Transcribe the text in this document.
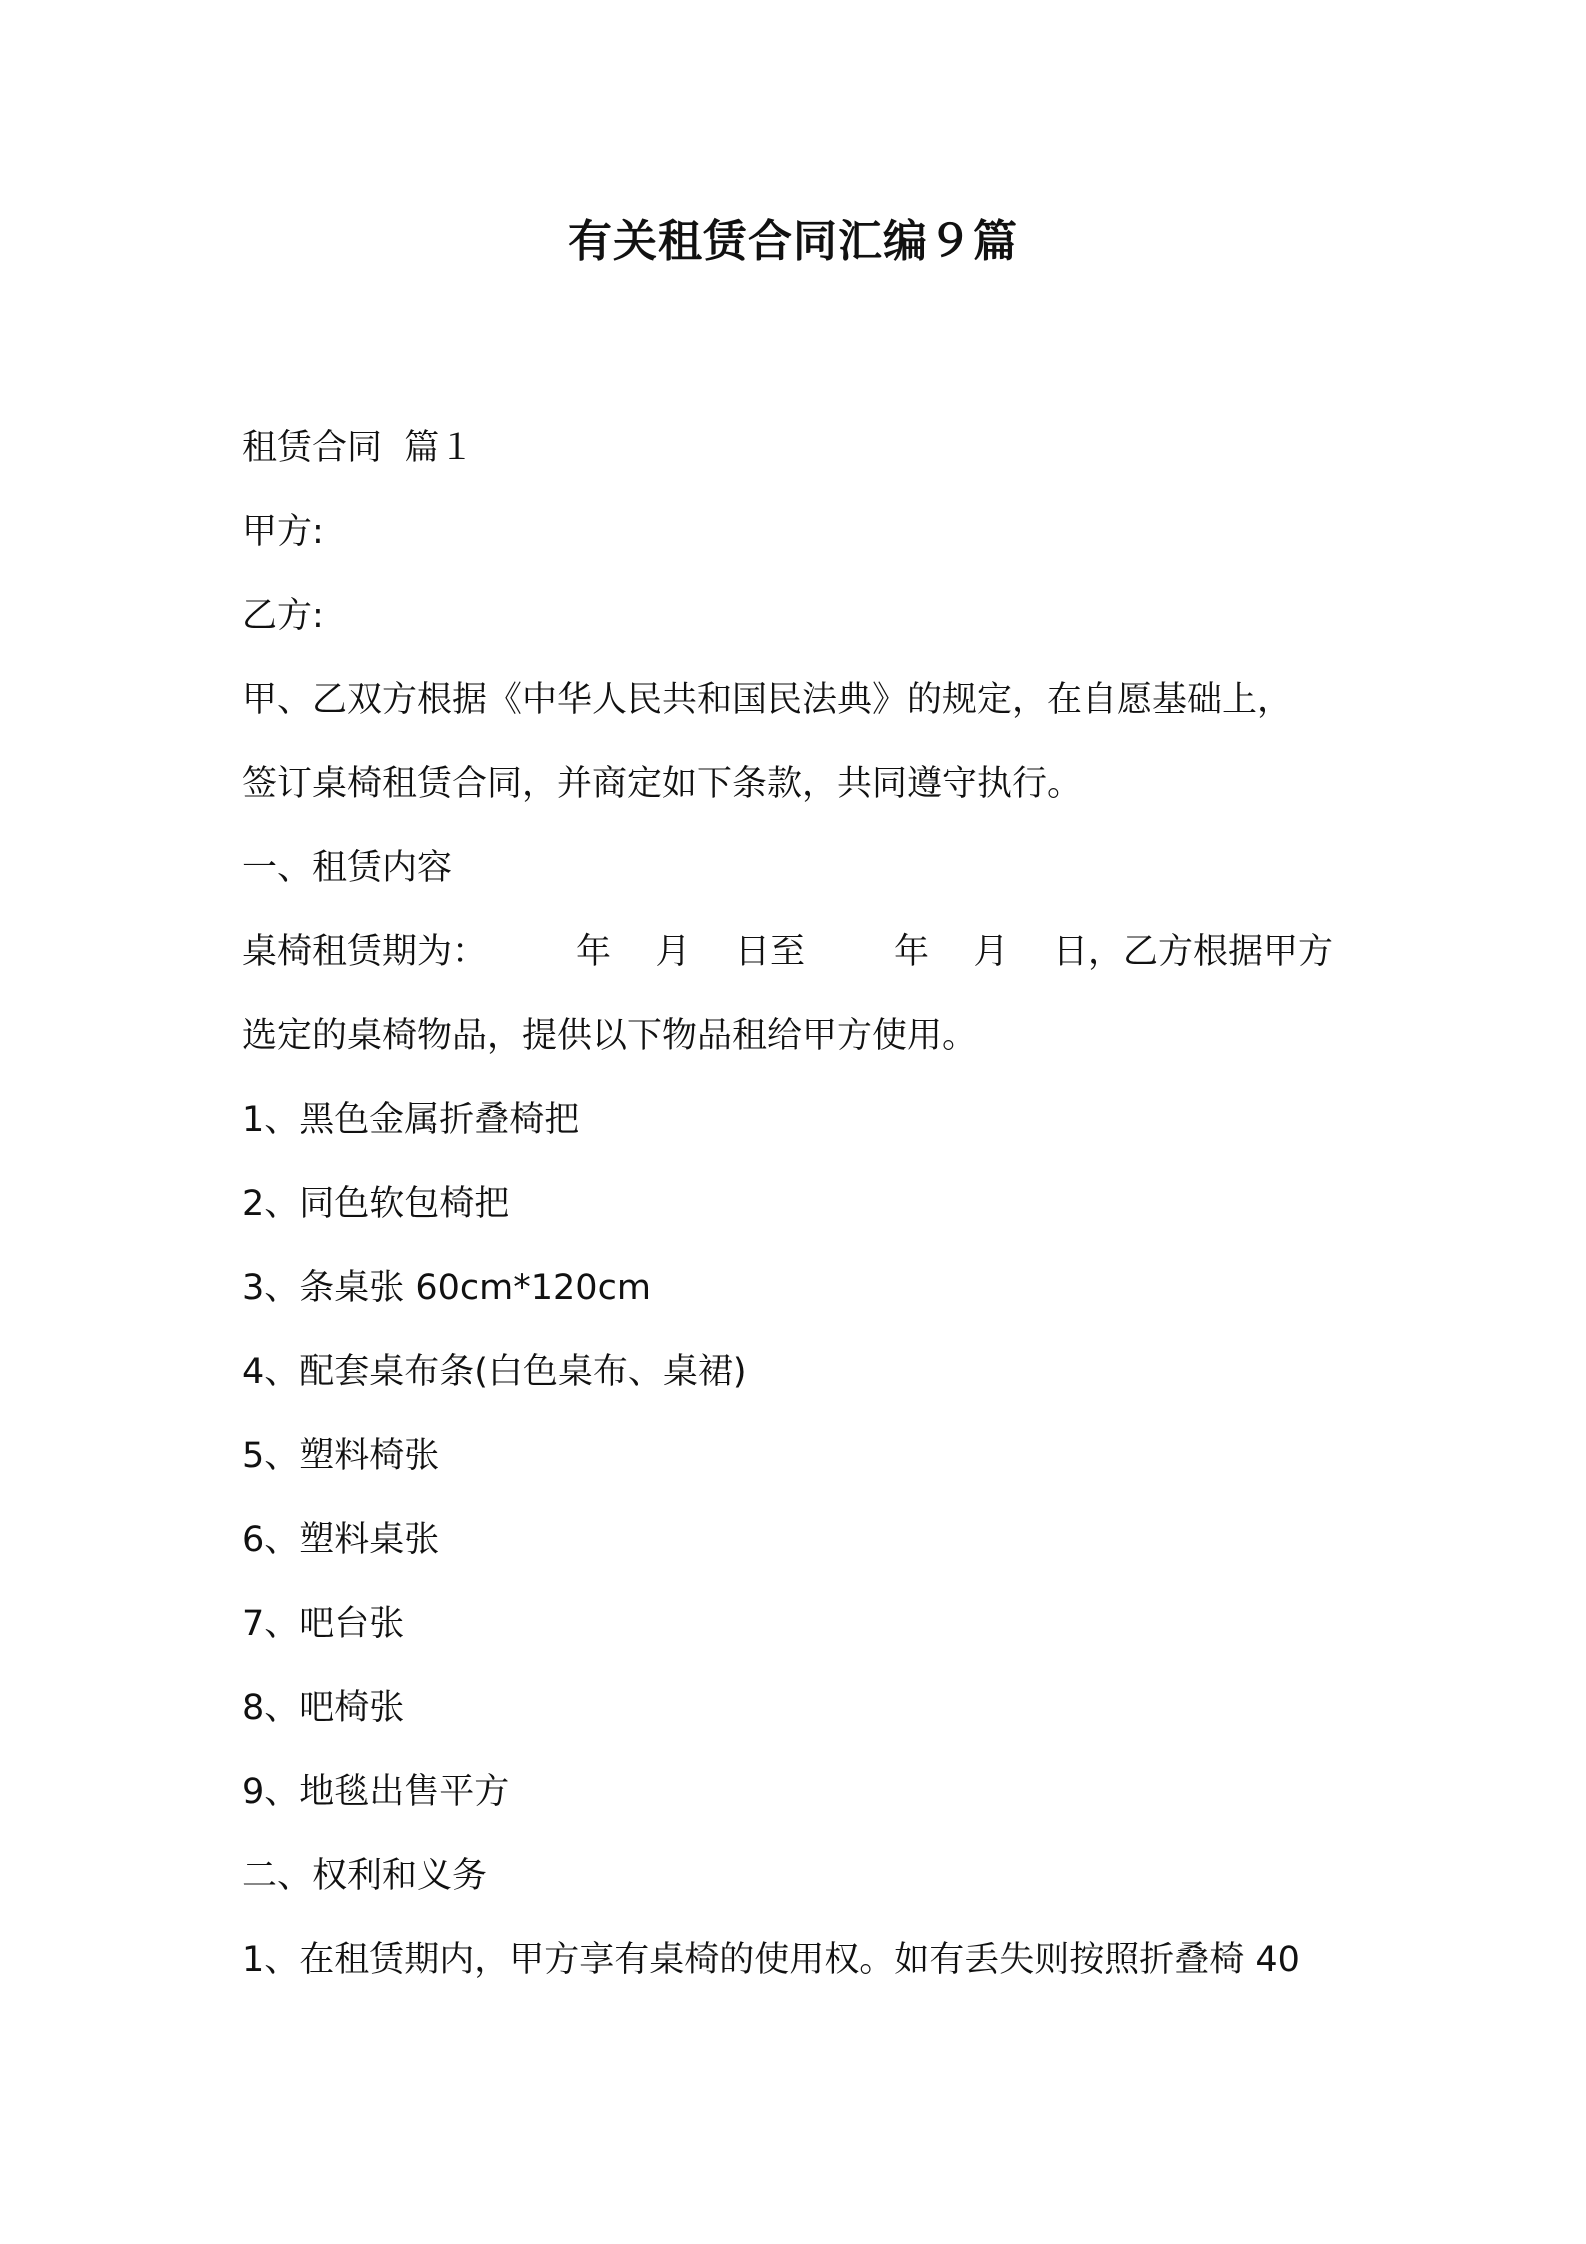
有关租赁合同汇编９篇
租赁合同  篇１
甲方:
乙方:
甲、乙双方根据《中华人民共和国民法典》的规定，在自愿基础上，
签订桌椅租赁合同，并商定如下条款，共同遵守执行。
一、租赁内容
桌椅租赁期为：        年    月    日至        年    月    日，乙方根据甲方
选定的桌椅物品，提供以下物品租给甲方使用。
1、黑色金属折叠椅把
2、同色软包椅把
3、条桌张 60cm*120cm
4、配套桌布条(白色桌布、桌裙)
5、塑料椅张
6、塑料桌张
7、吧台张
8、吧椅张
9、地毯出售平方
二、权利和义务
1、在租赁期内，甲方享有桌椅的使用权。如有丢失则按照折叠椅 40
